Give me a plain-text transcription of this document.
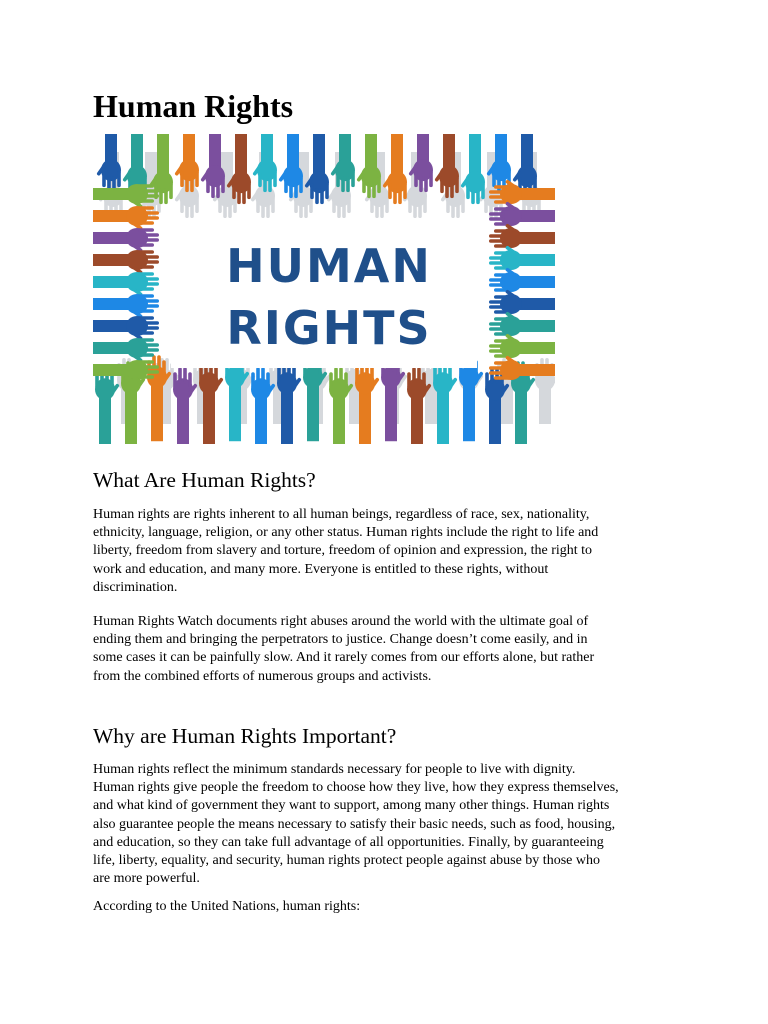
Human Rights
HUMAN
RIGHTS
What Are Human Rights?
Human rights are rights inherent to all human beings, regardless of race, sex, nationality,
ethnicity, language, religion, or any other status. Human rights include the right to life and
liberty, freedom from slavery and torture, freedom of opinion and expression, the right to
work and education, and many more. Everyone is entitled to these rights, without
discrimination.
Human Rights Watch documents right abuses around the world with the ultimate goal of
ending them and bringing the perpetrators to justice. Change doesn’t come easily, and in
some cases it can be painfully slow. And it rarely comes from our efforts alone, but rather
from the combined efforts of numerous groups and activists.
Why are Human Rights Important?
Human rights reflect the minimum standards necessary for people to live with dignity.
Human rights give people the freedom to choose how they live, how they express themselves,
and what kind of government they want to support, among many other things. Human rights
also guarantee people the means necessary to satisfy their basic needs, such as food, housing,
and education, so they can take full advantage of all opportunities. Finally, by guaranteeing
life, liberty, equality, and security, human rights protect people against abuse by those who
are more powerful.
According to the United Nations, human rights:
